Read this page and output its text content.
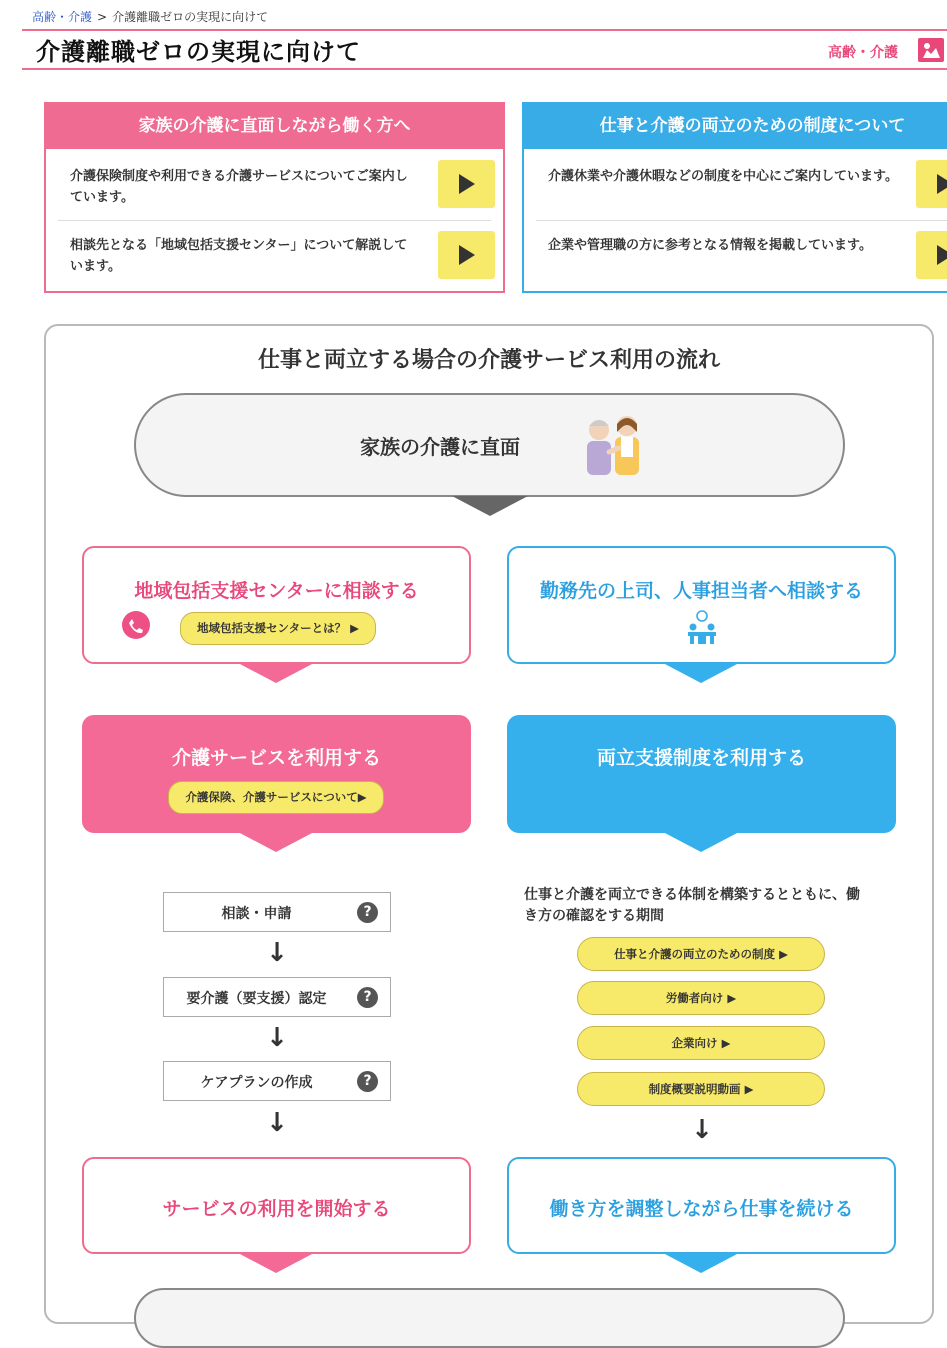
高齢・介護 > 介護離職ゼロの実現に向けて
介護離職ゼロの実現に向けて	高齢・介護
家族の介護に直面しながら働く方へ
介護保険制度や利用できる介護サービスについてご案内しています。
相談先となる「地域包括支援センター」について解説しています。
仕事と介護の両立のための制度について
介護休業や介護休暇などの制度を中心にご案内しています。
企業や管理職の方に参考となる情報を掲載しています。
仕事と両立する場合の介護サービス利用の流れ
家族の介護に直面
地域包括支援センターに相談する
地域包括支援センターとは？ ▶
勤務先の上司、人事担当者へ相談する
介護サービスを利用する
介護保険、介護サービスについて▶
両立支援制度を利用する
相談・申請	?
↓
要介護（要支援）認定	?
↓
ケアプランの作成	?
↓
仕事と介護を両立できる体制を構築するとともに、働き方の確認をする期間
仕事と介護の両立のための制度 ▶
労働者向け ▶
企業向け ▶
制度概要説明動画 ▶
↓
サービスの利用を開始する	働き方を調整しながら仕事を続ける
